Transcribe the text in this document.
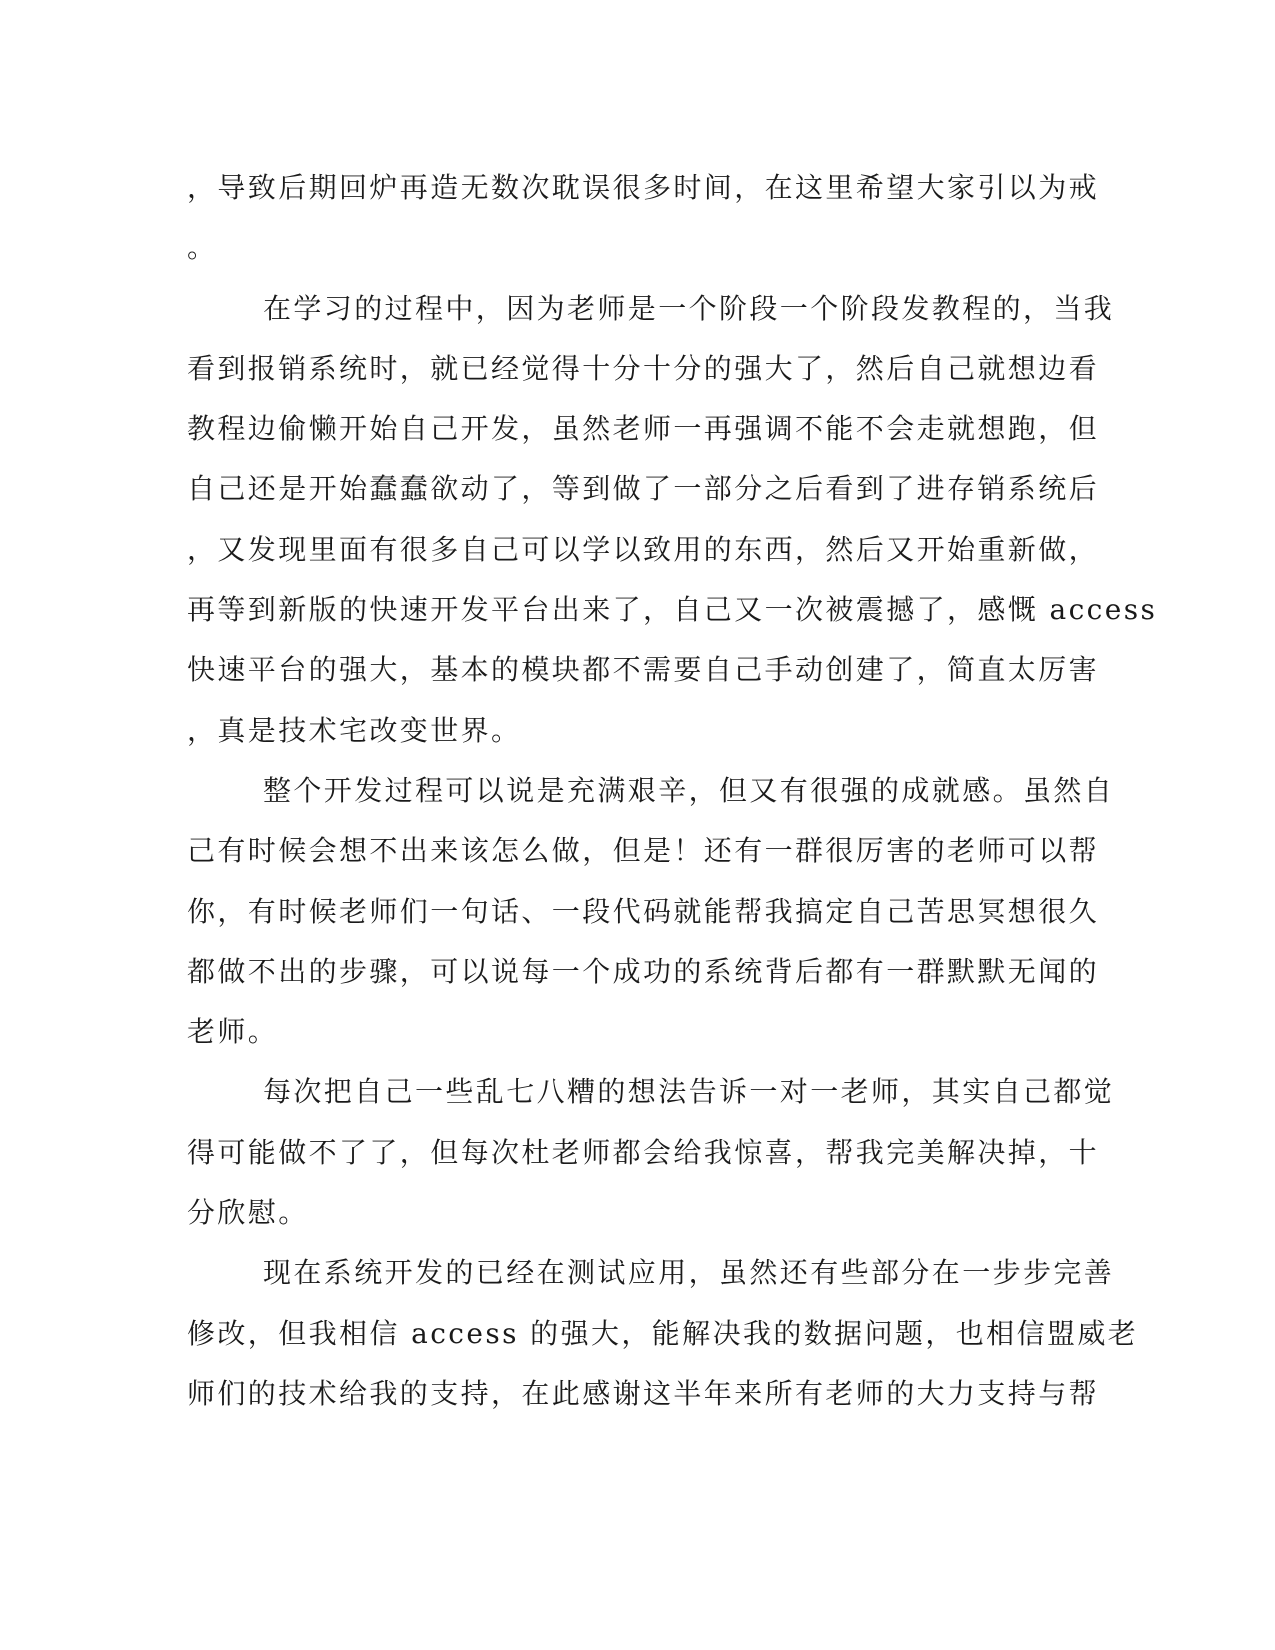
，导致后期回炉再造无数次耽误很多时间，在这里希望大家引以为戒
。
在学习的过程中，因为老师是一个阶段一个阶段发教程的，当我
看到报销系统时，就已经觉得十分十分的强大了，然后自己就想边看
教程边偷懒开始自己开发，虽然老师一再强调不能不会走就想跑，但
自己还是开始蠢蠢欲动了，等到做了一部分之后看到了进存销系统后
，又发现里面有很多自己可以学以致用的东西，然后又开始重新做，
再等到新版的快速开发平台出来了，自己又一次被震撼了，感慨 access
快速平台的强大，基本的模块都不需要自己手动创建了，简直太厉害
，真是技术宅改变世界。
整个开发过程可以说是充满艰辛，但又有很强的成就感。虽然自
己有时候会想不出来该怎么做，但是！还有一群很厉害的老师可以帮
你，有时候老师们一句话、一段代码就能帮我搞定自己苦思冥想很久
都做不出的步骤，可以说每一个成功的系统背后都有一群默默无闻的
老师。
每次把自己一些乱七八糟的想法告诉一对一老师，其实自己都觉
得可能做不了了，但每次杜老师都会给我惊喜，帮我完美解决掉，十
分欣慰。
现在系统开发的已经在测试应用，虽然还有些部分在一步步完善
修改，但我相信 access 的强大，能解决我的数据问题，也相信盟威老
师们的技术给我的支持，在此感谢这半年来所有老师的大力支持与帮
